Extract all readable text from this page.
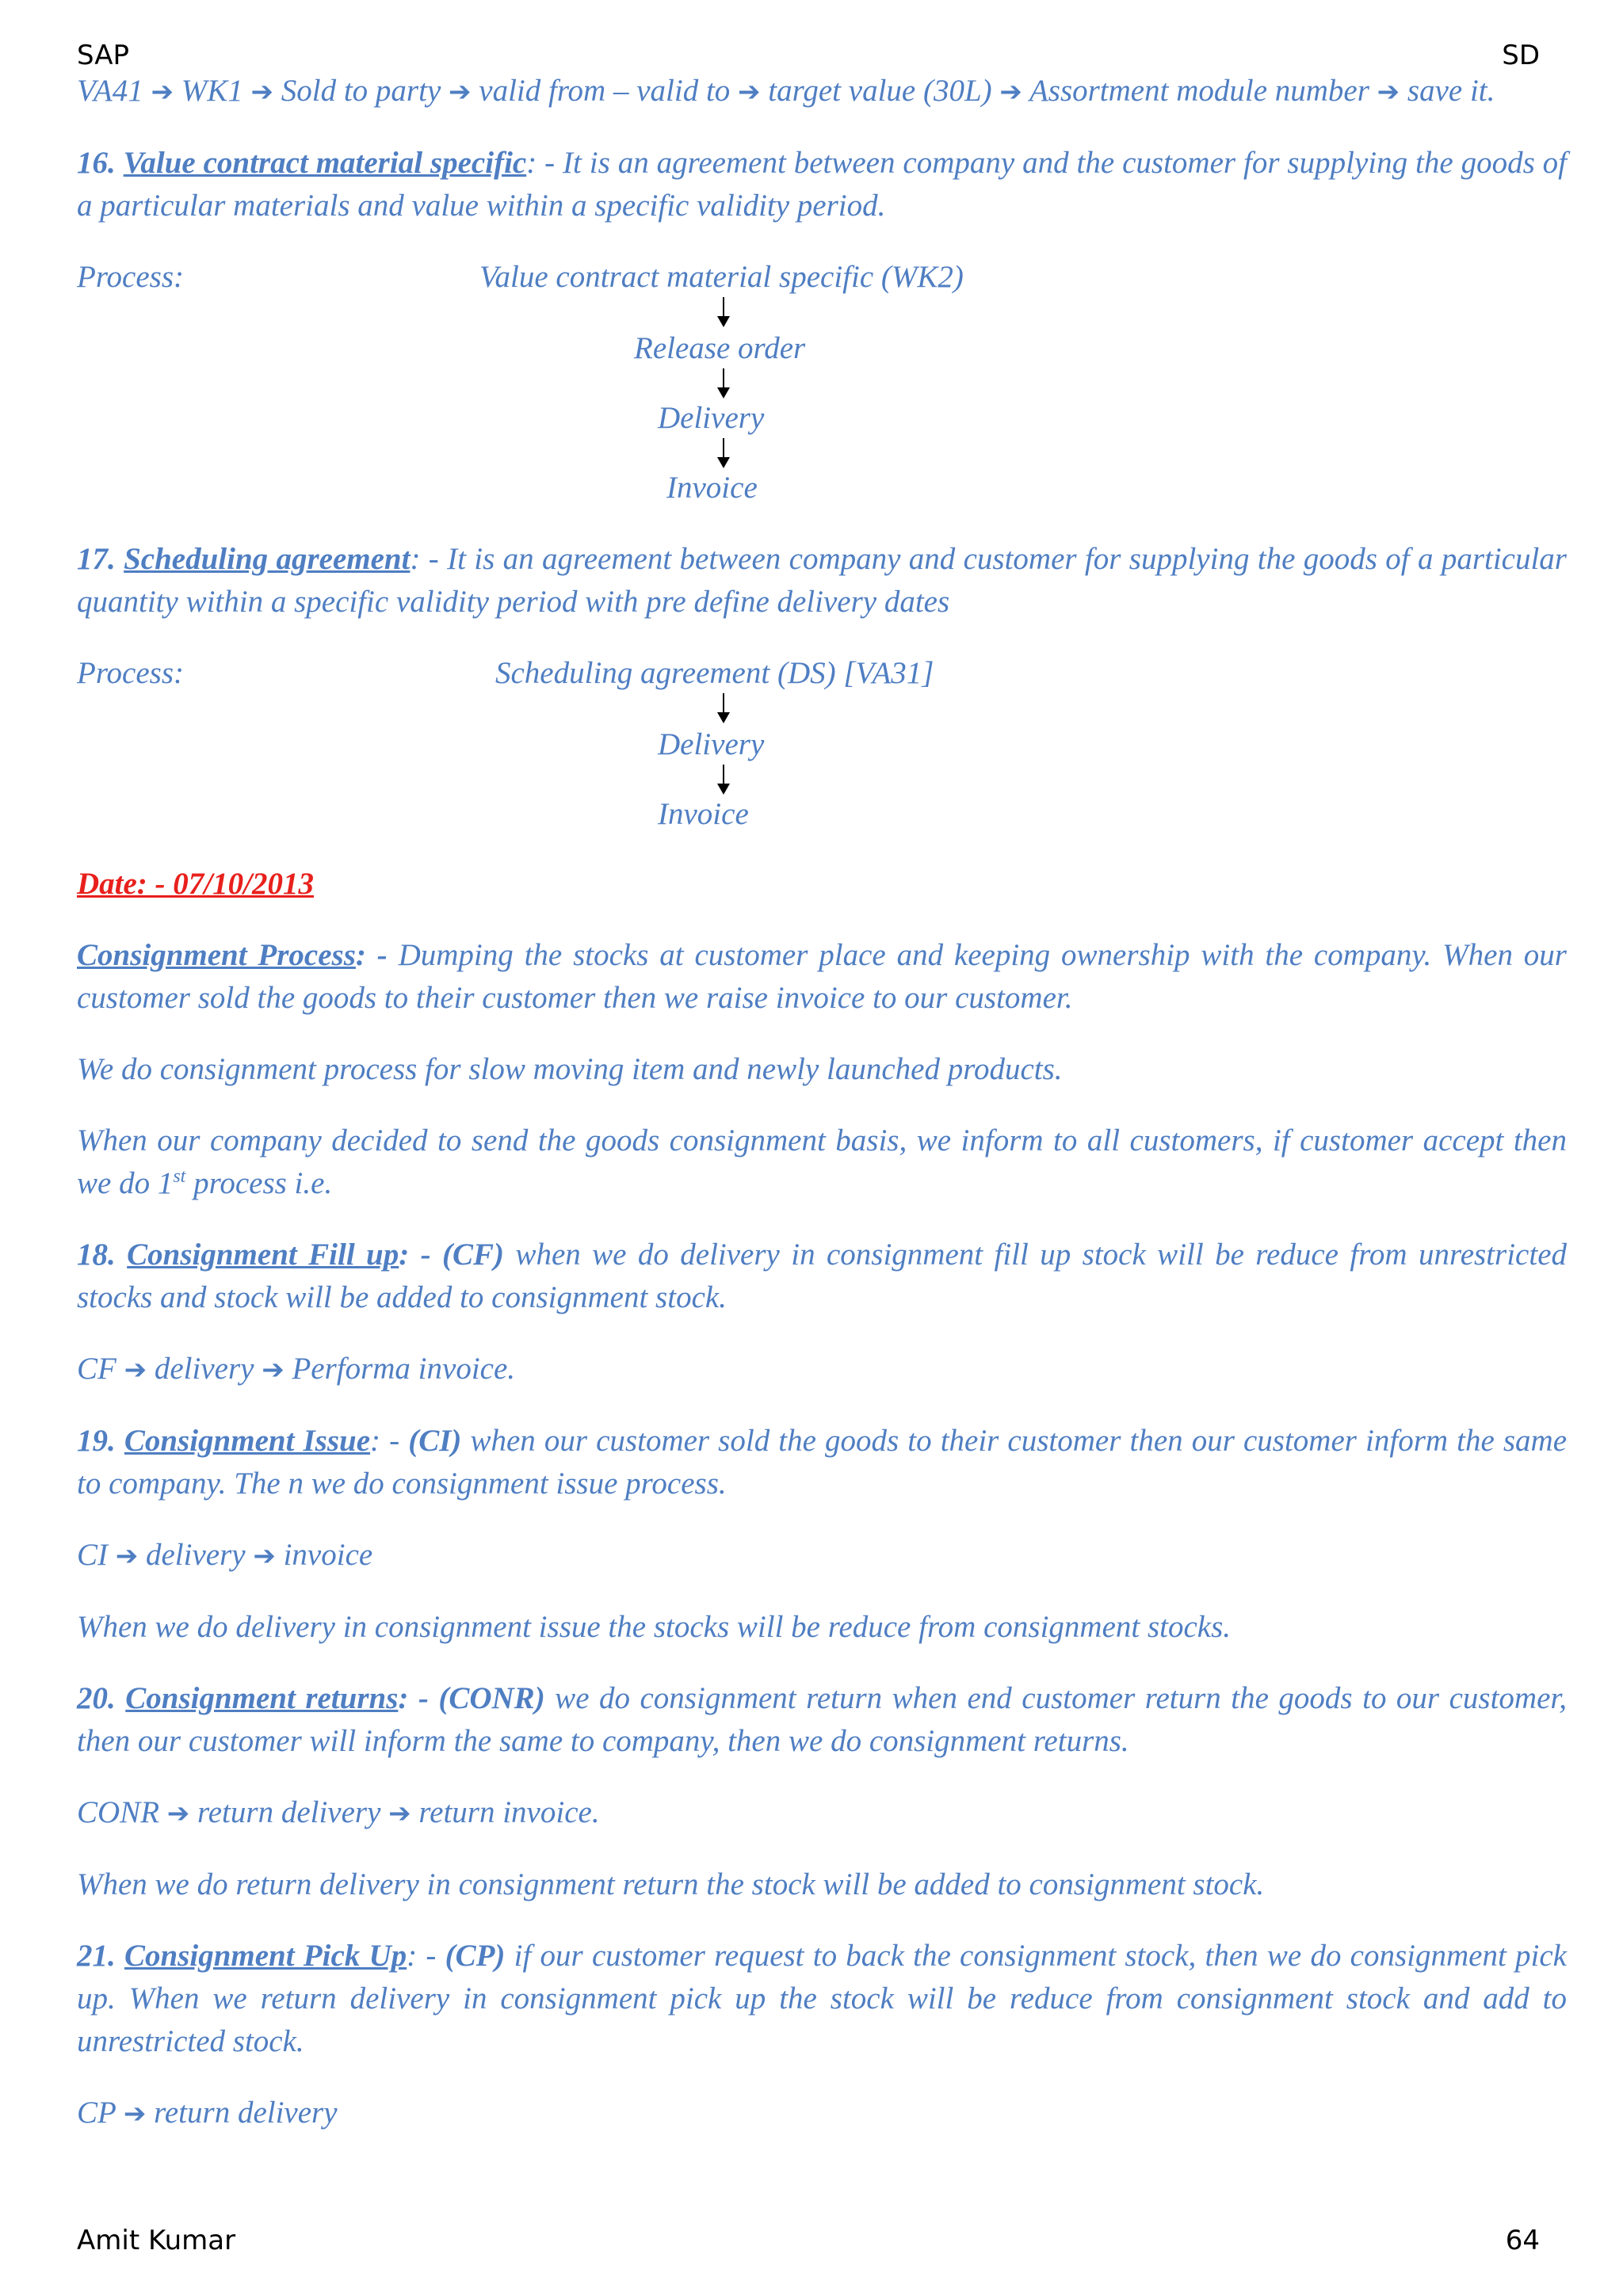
SAP	SD

VA41 ➔ WK1 ➔ Sold to party ➔ valid from – valid to ➔ target value (30L) ➔ Assortment module number ➔ save it.

16. Value contract material specific: - It is an agreement between company and the customer for supplying the goods of a particular materials and value within a specific validity period.

Process:	Value contract material specific (WK2)
Release order
Delivery
Invoice

17. Scheduling agreement: - It is an agreement between company and customer for supplying the goods of a particular quantity within a specific validity period with pre define delivery dates

Process:	Scheduling agreement (DS) [VA31]
Delivery
Invoice

Date: - 07/10/2013

Consignment Process: - Dumping the stocks at customer place and keeping ownership with the company. When our customer sold the goods to their customer then we raise invoice to our customer.

We do consignment process for slow moving item and newly launched products.

When our company decided to send the goods consignment basis, we inform to all customers, if customer accept then we do 1st process i.e.

18. Consignment Fill up: - (CF) when we do delivery in consignment fill up stock will be reduce from unrestricted stocks and stock will be added to consignment stock.

CF ➔ delivery ➔ Performa invoice.

19. Consignment Issue: - (CI) when our customer sold the goods to their customer then our customer inform the same to company. The n we do consignment issue process.

CI ➔ delivery ➔ invoice

When we do delivery in consignment issue the stocks will be reduce from consignment stocks.

20. Consignment returns: - (CONR) we do consignment return when end customer return the goods to our customer, then our customer will inform the same to company, then we do consignment returns.

CONR ➔ return delivery ➔ return invoice.

When we do return delivery in consignment return the stock will be added to consignment stock.

21. Consignment Pick Up: - (CP) if our customer request to back the consignment stock, then we do consignment pick up. When we return delivery in consignment pick up the stock will be reduce from consignment stock and add to unrestricted stock.

CP ➔ return delivery

Amit Kumar	64
